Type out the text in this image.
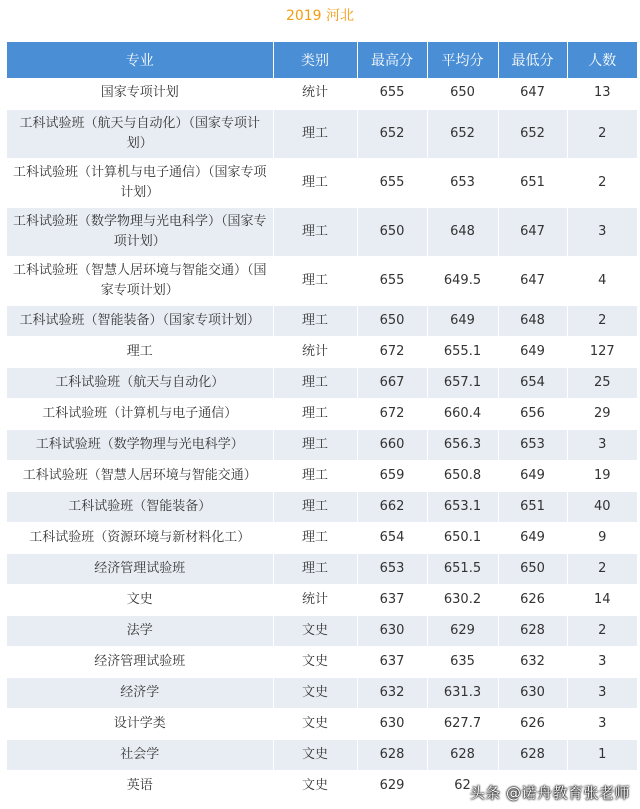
2019 河北
专业	类别	最高分	平均分	最低分	人数
国家专项计划	统计	655	650	647	13
工科试验班（航天与自动化）（国家专项计划）	理工	652	652	652	2
工科试验班（计算机与电子通信）（国家专项计划）	理工	655	653	651	2
工科试验班（数学物理与光电科学）（国家专项计划）	理工	650	648	647	3
工科试验班（智慧人居环境与智能交通）（国家专项计划）	理工	655	649.5	647	4
工科试验班（智能装备）（国家专项计划）	理工	650	649	648	2
理工	统计	672	655.1	649	127
工科试验班（航天与自动化）	理工	667	657.1	654	25
工科试验班（计算机与电子通信）	理工	672	660.4	656	29
工科试验班（数学物理与光电科学）	理工	660	656.3	653	3
工科试验班（智慧人居环境与智能交通）	理工	659	650.8	649	19
工科试验班（智能装备）	理工	662	653.1	651	40
工科试验班（资源环境与新材料化工）	理工	654	650.1	649	9
经济管理试验班	理工	653	651.5	650	2
文史	统计	637	630.2	626	14
法学	文史	630	629	628	2
经济管理试验班	文史	637	635	632	3
经济学	文史	632	631.3	630	3
设计学类	文史	630	627.7	626	3
社会学	文史	628	628	628	1
英语	文史	629	62		
头条 @诺舟教育张老师
